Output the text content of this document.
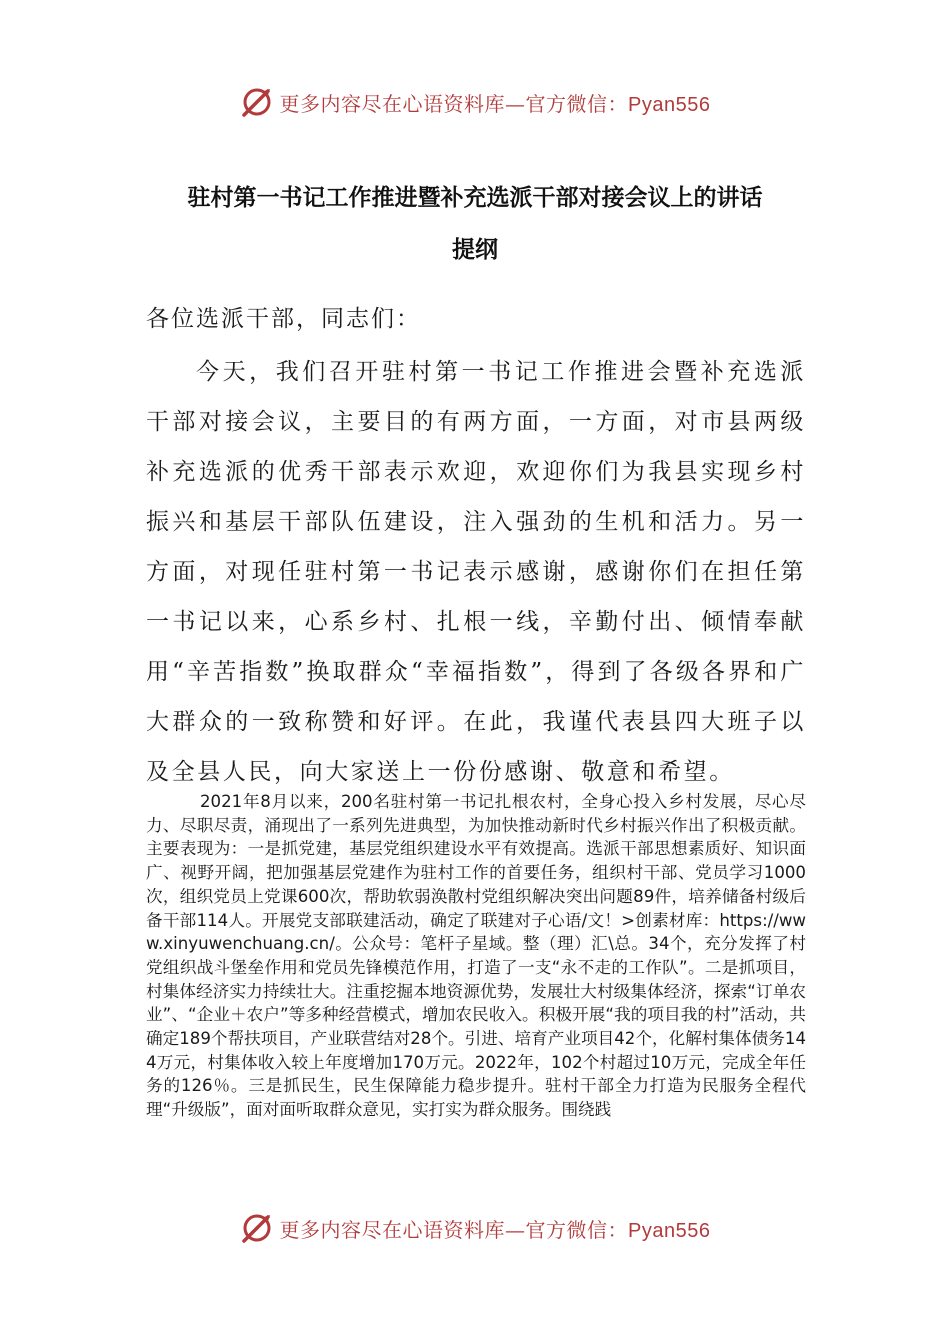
更多内容尽在心语资料库—官方微信：Pyan556
驻村第一书记工作推进暨补充选派干部对接会议上的讲话
提纲
各位选派干部，同志们：

今天，我们召开驻村第一书记工作推进会暨补充选派干部对接会议，主要目的有两方面，一方面，对市县两级补充选派的优秀干部表示欢迎，欢迎你们为我县实现乡村振兴和基层干部队伍建设，注入强劲的生机和活力。另一方面，对现任驻村第一书记表示感谢，感谢你们在担任第一书记以来，心系乡村、扎根一线，辛勤付出、倾情奉献用“辛苦指数”换取群众“幸福指数”，得到了各级各界和广大群众的一致称赞和好评。在此，我谨代表县四大班子以及全县人民，向大家送上一份份感谢、敬意和希望。

2021年8月以来，200名驻村第一书记扎根农村，全身心投入乡村发展，尽心尽力、尽职尽责，涌现出了一系列先进典型，为加快推动新时代乡村振兴作出了积极贡献。主要表现为：一是抓党建，基层党组织建设水平有效提高。选派干部思想素质好、知识面广、视野开阔，把加强基层党建作为驻村工作的首要任务，组织村干部、党员学习1000次，组织党员上党课600次，帮助软弱涣散村党组织解决突出问题89件，培养储备村级后备干部114人。开展党支部联建活动，确定了联建对子心语/文！>创素材库：https://www.xinyuwenchuang.cn/。公众号：笔杆子星域。整（理）汇\总。34个，充分发挥了村党组织战斗堡垒作用和党员先锋模范作用，打造了一支“永不走的工作队”。二是抓项目，村集体经济实力持续壮大。注重挖掘本地资源优势，发展壮大村级集体经济，探索“订单农业”、“企业＋农户”等多种经营模式，增加农民收入。积极开展“我的项目我的村”活动，共确定189个帮扶项目，产业联营结对28个。引进、培育产业项目42个，化解村集体债务144万元，村集体收入较上年度增加170万元。2022年，102个村超过10万元，完成全年任务的126％。三是抓民生，民生保障能力稳步提升。驻村干部全力打造为民服务全程代理“升级版”，面对面听取群众意见，实打实为群众服务。围绕践

更多内容尽在心语资料库—官方微信：Pyan556
